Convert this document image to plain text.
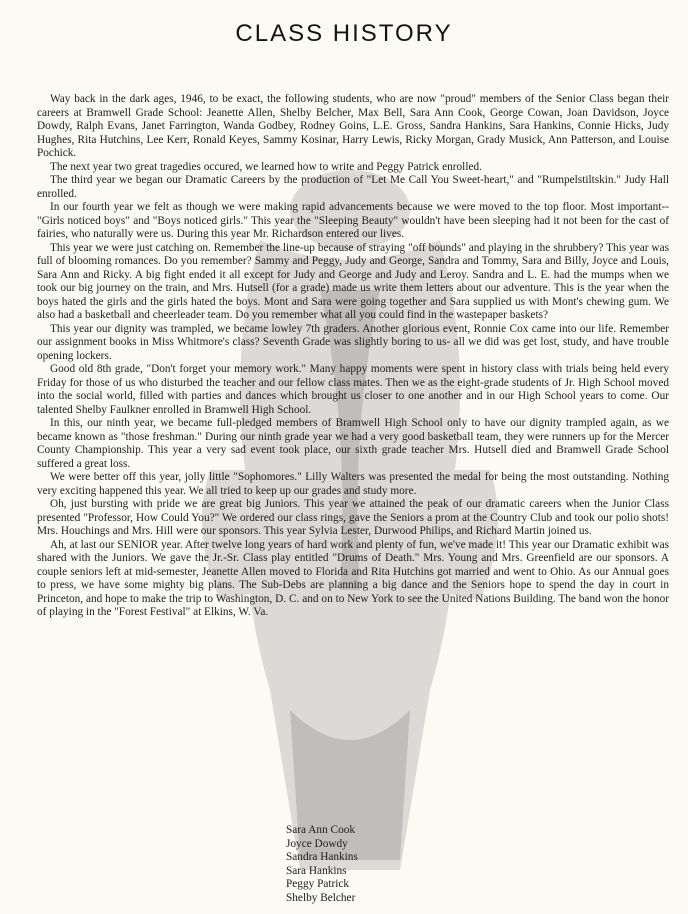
CLASS HISTORY

Way back in the dark ages, 1946, to be exact, the following students, who are now "proud" members of the Senior Class began their careers at Bramwell Grade School: Jeanette Allen, Shelby Belcher, Max Bell, Sara Ann Cook, George Cowan, Joan Davidson, Joyce Dowdy, Ralph Evans, Janet Farrington, Wanda Godbey, Rodney Goins, L.E. Gross, Sandra Hankins, Sara Hankins, Connie Hicks, Judy Hughes, Rita Hutchins, Lee Kerr, Ronald Keyes, Sammy Kosinar, Harry Lewis, Ricky Morgan, Grady Musick, Ann Patterson, and Louise Pochick.

The next year two great tragedies occured, we learned how to write and Peggy Patrick enrolled.

The third year we began our Dramatic Careers by the production of "Let Me Call You Sweet-heart," and "Rumpelstiltskin." Judy Hall enrolled.

In our fourth year we felt as though we were making rapid advancements because we were moved to the top floor. Most important--"Girls noticed boys" and "Boys noticed girls." This year the "Sleeping Beauty" wouldn't have been sleeping had it not been for the cast of fairies, who naturally were us. During this year Mr. Richardson entered our lives.

This year we were just catching on. Remember the line-up because of straying "off bounds" and playing in the shrubbery? This year was full of blooming romances. Do you remember? Sammy and Peggy, Judy and George, Sandra and Tommy, Sara and Billy, Joyce and Louis, Sara Ann and Ricky. A big fight ended it all except for Judy and George and Judy and Leroy. Sandra and L. E. had the mumps when we took our big journey on the train, and Mrs. Hutsell (for a grade) made us write them letters about our adventure. This is the year when the boys hated the girls and the girls hated the boys. Mont and Sara were going together and Sara supplied us with Mont's chewing gum. We also had a basketball and cheerleader team. Do you remember what all you could find in the wastepaper baskets?

This year our dignity was trampled, we became lowley 7th graders. Another glorious event, Ronnie Cox came into our life. Remember our assignment books in Miss Whitmore's class? Seventh Grade was slightly boring to us- all we did was get lost, study, and have trouble opening lockers.

Good old 8th grade, "Don't forget your memory work." Many happy moments were spent in history class with trials being held every Friday for those of us who disturbed the teacher and our fellow class mates. Then we as the eight-grade students of Jr. High School moved into the social world, filled with parties and dances which brought us closer to one another and in our High School years to come. Our talented Shelby Faulkner enrolled in Bramwell High School.

In this, our ninth year, we became full-pledged members of Bramwell High School only to have our dignity trampled again, as we became known as "those freshman." During our ninth grade year we had a very good basketball team, they were runners up for the Mercer County Championship. This year a very sad event took place, our sixth grade teacher Mrs. Hutsell died and Bramwell Grade School suffered a great loss.

We were better off this year, jolly little "Sophomores." Lilly Walters was presented the medal for being the most outstanding. Nothing very exciting happened this year. We all tried to keep up our grades and study more.

Oh, just bursting with pride we are great big Juniors. This year we attained the peak of our dramatic careers when the Junior Class presented "Professor, How Could You?" We ordered our class rings, gave the Seniors a prom at the Country Club and took our polio shots! Mrs. Houchings and Mrs. Hill were our sponsors. This year Sylvia Lester, Durwood Philips, and Richard Martin joined us.

Ah, at last our SENIOR year. After twelve long years of hard work and plenty of fun, we've made it! This year our Dramatic exhibit was shared with the Juniors. We gave the Jr.-Sr. Class play entitled "Drums of Death." Mrs. Young and Mrs. Greenfield are our sponsors. A couple seniors left at mid-semester, Jeanette Allen moved to Florida and Rita Hutchins got married and went to Ohio. As our Annual goes to press, we have some mighty big plans. The Sub-Debs are planning a big dance and the Seniors hope to spend the day in court in Princeton, and hope to make the trip to Washington, D. C. and on to New York to see the United Nations Building. The band won the honor of playing in the "Forest Festival" at Elkins, W. Va.

Sara Ann Cook
Joyce Dowdy
Sandra Hankins
Sara Hankins
Peggy Patrick
Shelby Belcher
